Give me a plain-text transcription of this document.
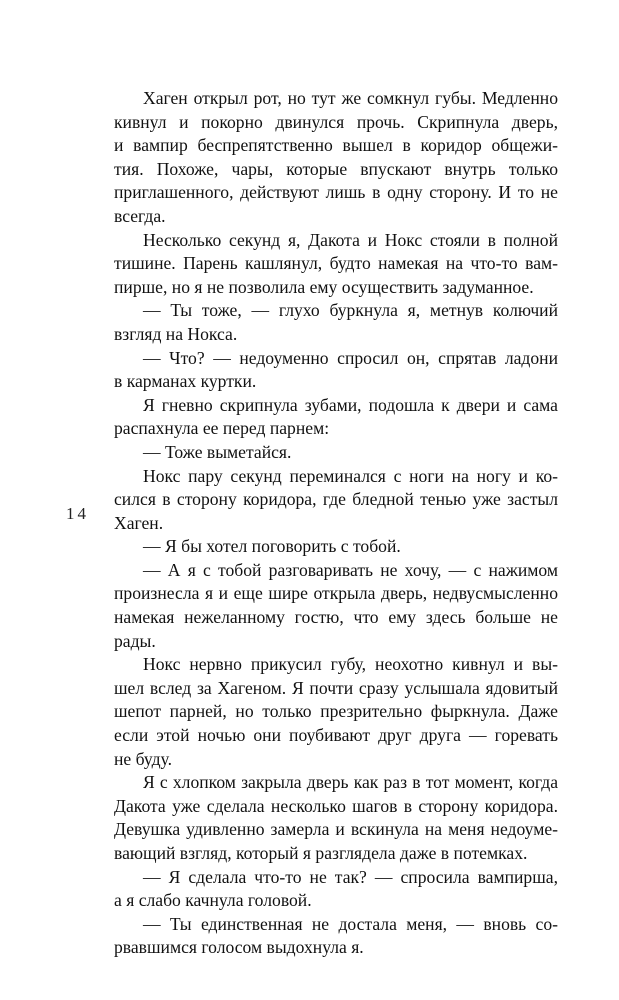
Хаген открыл рот, но тут же сомкнул губы. Медленно
кивнул и покорно двинулся прочь. Скрипнула дверь,
и вампир беспрепятственно вышел в коридор общежи-
тия. Похоже, чары, которые впускают внутрь только
приглашенного, действуют лишь в одну сторону. И то не
всегда.
Несколько секунд я, Дакота и Нокс стояли в полной
тишине. Парень кашлянул, будто намекая на что-то вам-
пирше, но я не позволила ему осуществить задуманное.
— Ты тоже, — глухо буркнула я, метнув колючий
взгляд на Нокса.
— Что? — недоуменно спросил он, спрятав ладони
в карманах куртки.
Я гневно скрипнула зубами, подошла к двери и сама
распахнула ее перед парнем:
— Тоже выметайся.
Нокс пару секунд переминался с ноги на ногу и ко-
сился в сторону коридора, где бледной тенью уже застыл
Хаген.
— Я бы хотел поговорить с тобой.
— А я с тобой разговаривать не хочу, — с нажимом
произнесла я и еще шире открыла дверь, недвусмысленно
намекая нежеланному гостю, что ему здесь больше не
рады.
Нокс нервно прикусил губу, неохотно кивнул и вы-
шел вслед за Хагеном. Я почти сразу услышала ядовитый
шепот парней, но только презрительно фыркнула. Даже
если этой ночью они поубивают друг друга — горевать
не буду.
Я с хлопком закрыла дверь как раз в тот момент, когда
Дакота уже сделала несколько шагов в сторону коридора.
Девушка удивленно замерла и вскинула на меня недоуме-
вающий взгляд, который я разглядела даже в потемках.
— Я сделала что-то не так? — спросила вампирша,
а я слабо качнула головой.
— Ты единственная не достала меня, — вновь со-
рвавшимся голосом выдохнула я.
14
